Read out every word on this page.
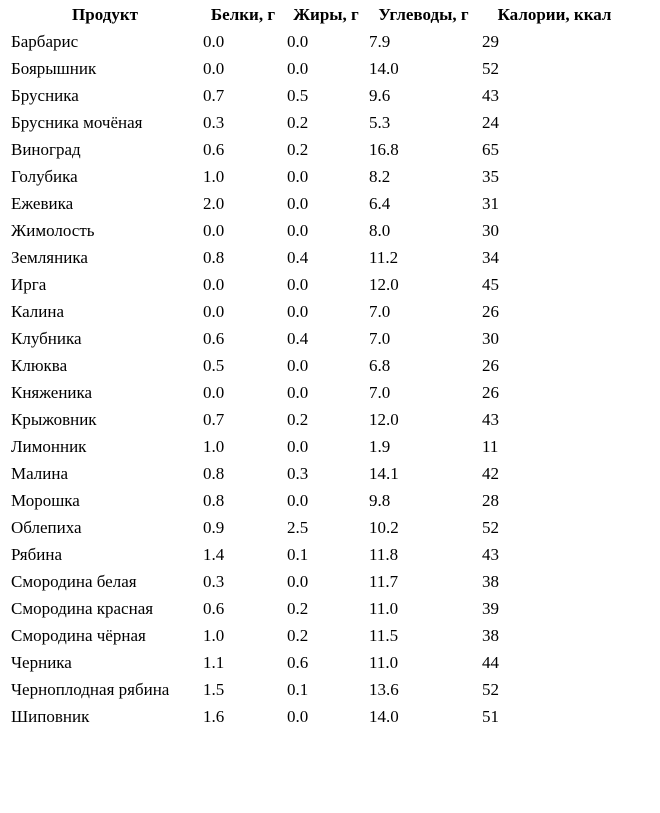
Продукт	Белки, г	Жиры, г	Углеводы, г	Калории, ккал
Барбарис	0.0	0.0	7.9	29
Боярышник	0.0	0.0	14.0	52
Брусника	0.7	0.5	9.6	43
Брусника мочёная	0.3	0.2	5.3	24
Виноград	0.6	0.2	16.8	65
Голубика	1.0	0.0	8.2	35
Ежевика	2.0	0.0	6.4	31
Жимолость	0.0	0.0	8.0	30
Земляника	0.8	0.4	11.2	34
Ирга	0.0	0.0	12.0	45
Калина	0.0	0.0	7.0	26
Клубника	0.6	0.4	7.0	30
Клюква	0.5	0.0	6.8	26
Княженика	0.0	0.0	7.0	26
Крыжовник	0.7	0.2	12.0	43
Лимонник	1.0	0.0	1.9	11
Малина	0.8	0.3	14.1	42
Морошка	0.8	0.0	9.8	28
Облепиха	0.9	2.5	10.2	52
Рябина	1.4	0.1	11.8	43
Смородина белая	0.3	0.0	11.7	38
Смородина красная	0.6	0.2	11.0	39
Смородина чёрная	1.0	0.2	11.5	38
Черника	1.1	0.6	11.0	44
Черноплодная рябина	1.5	0.1	13.6	52
Шиповник	1.6	0.0	14.0	51
